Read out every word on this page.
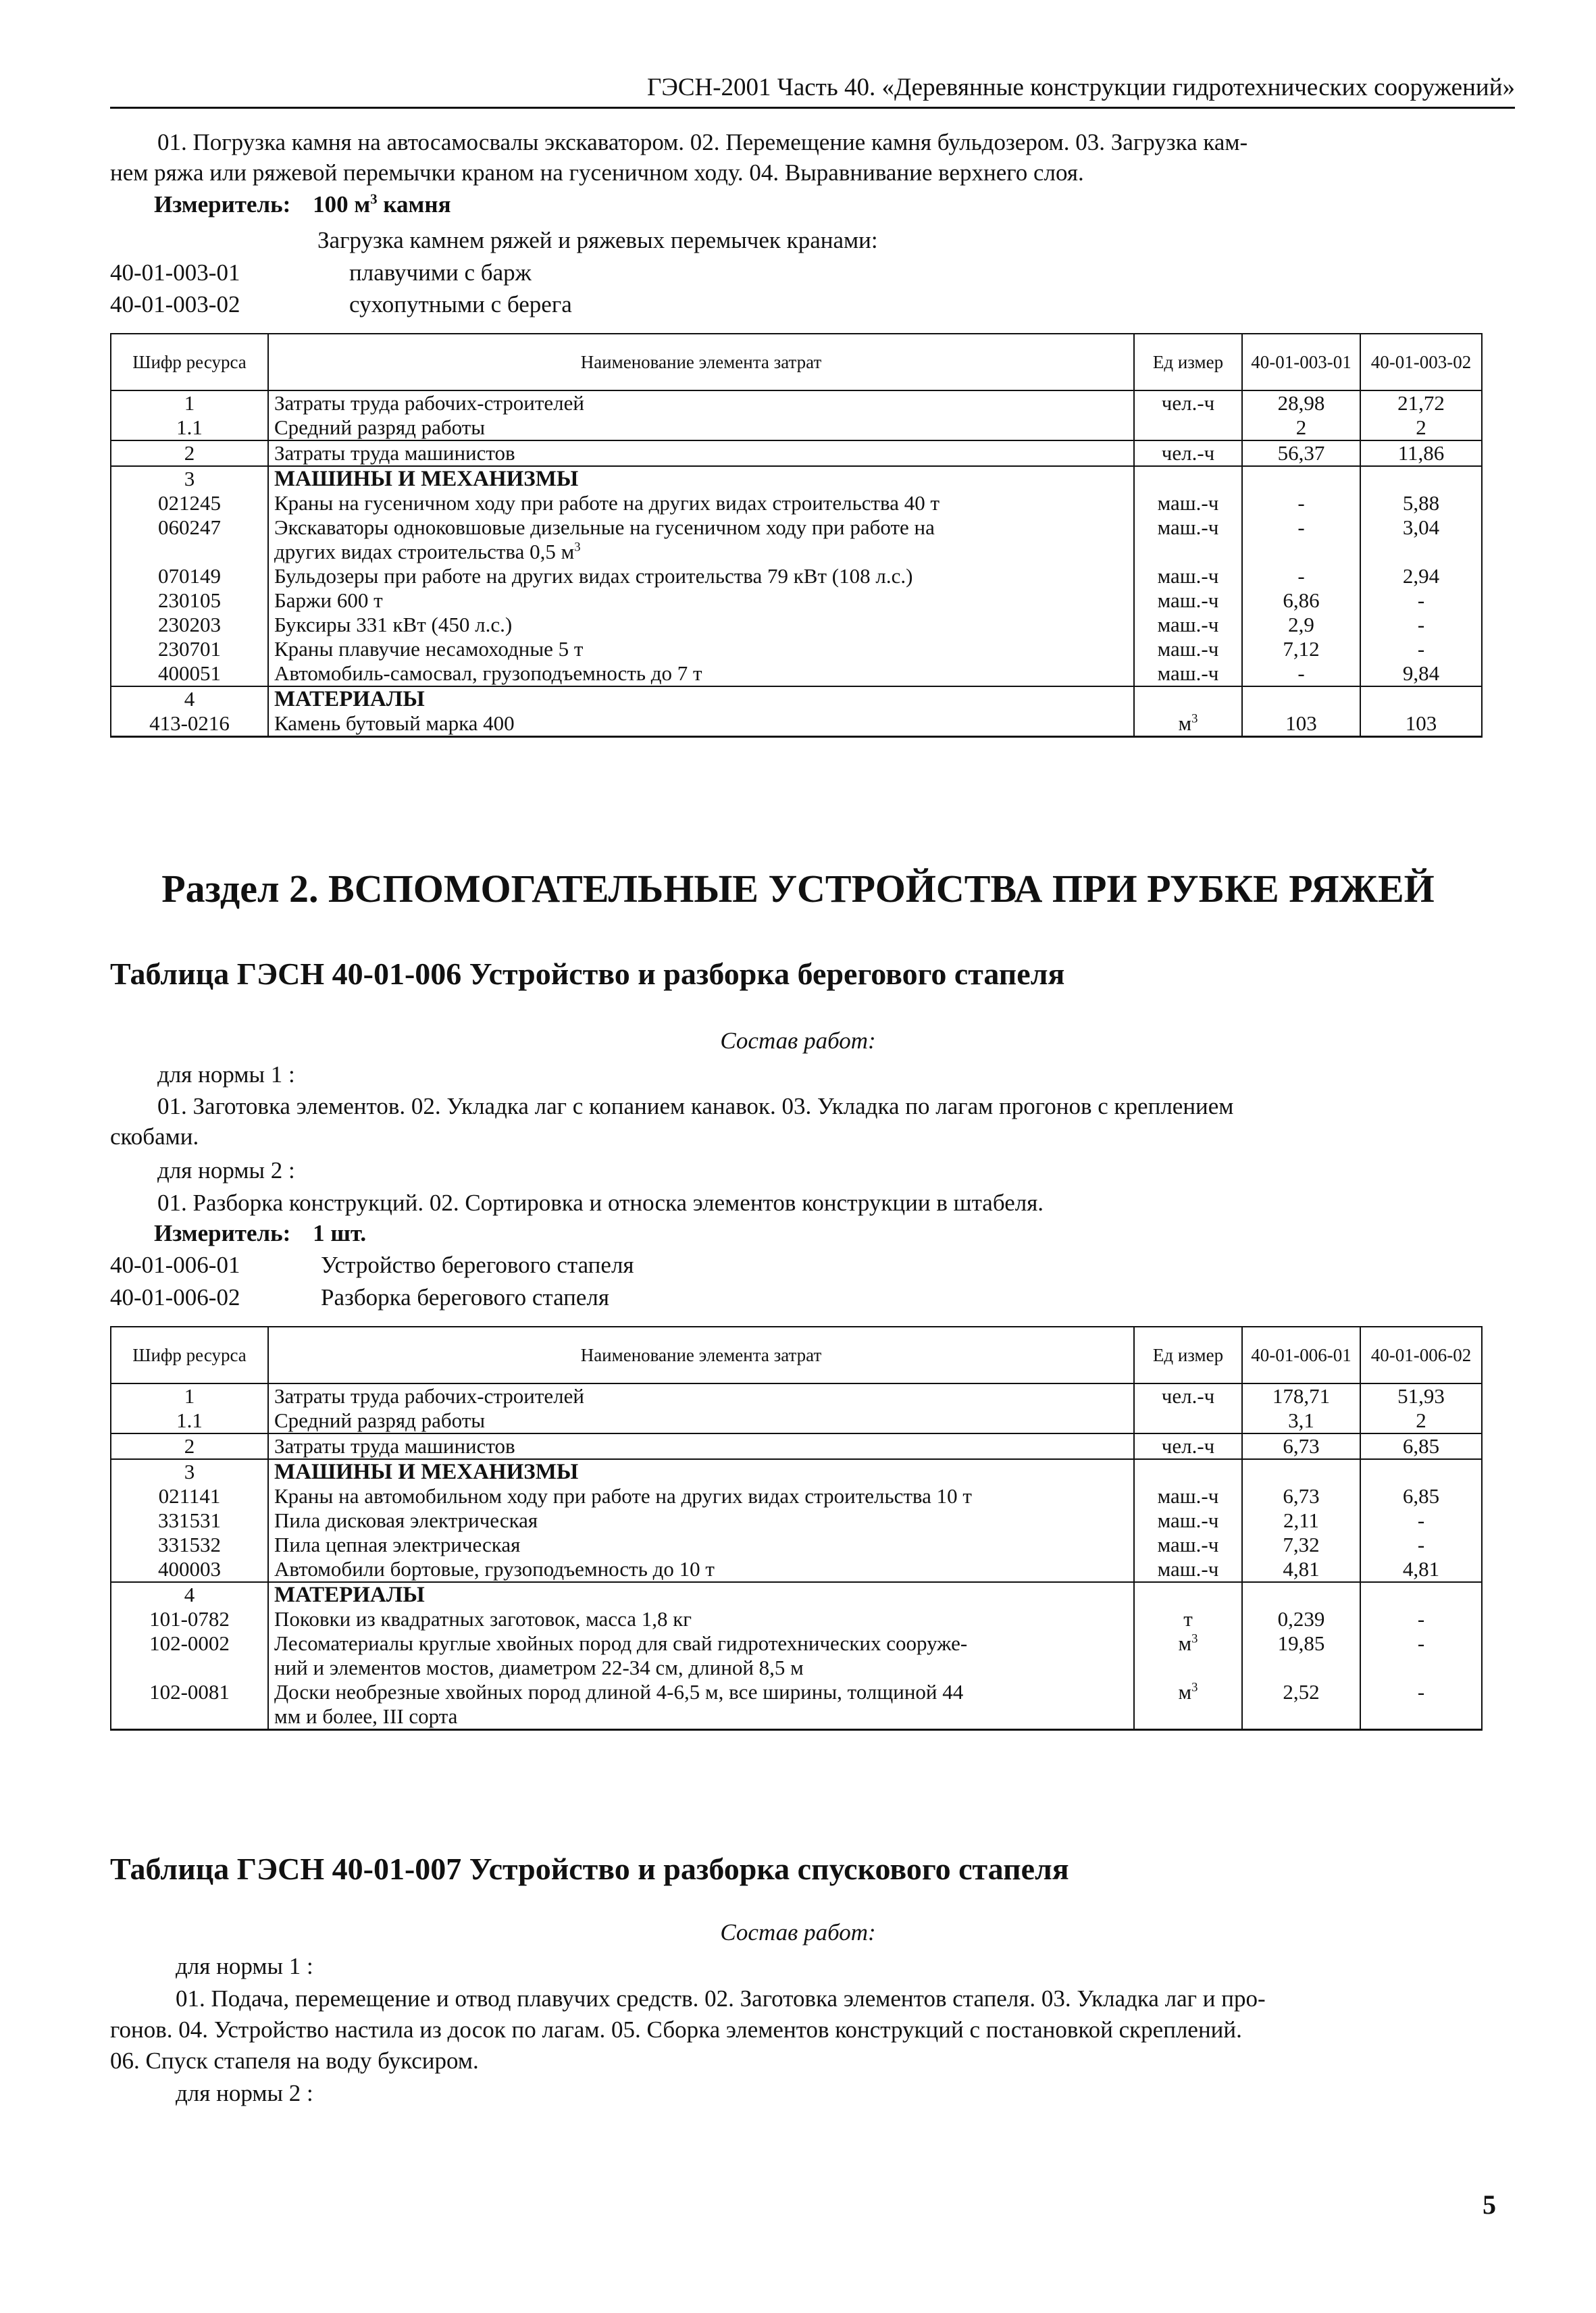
ГЭСН-2001 Часть 40. «Деревянные конструкции гидротехнических сооружений»
01. Погрузка камня на автосамосвалы экскаватором. 02. Перемещение камня бульдозером. 03. Загрузка кам-
нем ряжа или ряжевой перемычки краном на гусеничном ходу. 04. Выравнивание верхнего слоя.
Измеритель: 100 $м^3$ камня
Загрузка камнем ряжей и ряжевых перемычек кранами:
40-01-003-01	плавучими с барж
40-01-003-02	сухопутными с берега
Шифр ресурса	Наименование элемента затрат	Ед измер	40-01-003-01	40-01-003-02
1	Затраты труда рабочих-строителей	чел.-ч	28,98	21,72
1.1	Средний разряд работы		2	2
2	Затраты труда машинистов	чел.-ч	56,37	11,86
3	МАШИНЫ И МЕХАНИЗМЫ			
021245	Краны на гусеничном ходу при работе на других видах строительства 40 т	маш.-ч	-	5,88
060247	Экскаваторы одноковшовые дизельные на гусеничном ходу при работе на
других видах строительства 0,5 $м^3$	маш.-ч	-	3,04
070149	Бульдозеры при работе на других видах строительства 79 кВт (108 л.с.)	маш.-ч	-	2,94
230105	Баржи 600 т	маш.-ч	6,86	-
230203	Буксиры 331 кВт (450 л.с.)	маш.-ч	2,9	-
230701	Краны плавучие несамоходные 5 т	маш.-ч	7,12	-
400051	Автомобиль-самосвал, грузоподъемность до 7 т	маш.-ч	-	9,84
4	МАТЕРИАЛЫ			
413-0216	Камень бутовый марка 400	$м^3$	103	103
Раздел 2. ВСПОМОГАТЕЛЬНЫЕ УСТРОЙСТВА ПРИ РУБКЕ РЯЖЕЙ
Таблица ГЭСН 40-01-006 Устройство и разборка берегового стапеля
Состав работ:
для нормы 1 :
01. Заготовка элементов. 02. Укладка лаг с копанием канавок. 03. Укладка по лагам прогонов с креплением
скобами.
для нормы 2 :
01. Разборка конструкций. 02. Сортировка и относка элементов конструкции в штабеля.
Измеритель: 1 шт.
40-01-006-01	Устройство берегового стапеля
40-01-006-02	Разборка берегового стапеля
Шифр ресурса	Наименование элемента затрат	Ед измер	40-01-006-01	40-01-006-02
1	Затраты труда рабочих-строителей	чел.-ч	178,71	51,93
1.1	Средний разряд работы		3,1	2
2	Затраты труда машинистов	чел.-ч	6,73	6,85
3	МАШИНЫ И МЕХАНИЗМЫ			
021141	Краны на автомобильном ходу при работе на других видах строительства 10 т	маш.-ч	6,73	6,85
331531	Пила дисковая электрическая	маш.-ч	2,11	-
331532	Пила цепная электрическая	маш.-ч	7,32	-
400003	Автомобили бортовые, грузоподъемность до 10 т	маш.-ч	4,81	4,81
4	МАТЕРИАЛЫ			
101-0782	Поковки из квадратных заготовок, масса 1,8 кг	т	0,239	-
102-0002	Лесоматериалы круглые хвойных пород для свай гидротехнических сооруже-
ний и элементов мостов, диаметром 22-34 см, длиной 8,5 м	$м^3$	19,85	-
102-0081	Доски необрезные хвойных пород длиной 4-6,5 м, все ширины, толщиной 44
мм и более, III сорта	$м^3$	2,52	-
Таблица ГЭСН 40-01-007 Устройство и разборка спускового стапеля
Состав работ:
для нормы 1 :
01. Подача, перемещение и отвод плавучих средств. 02. Заготовка элементов стапеля. 03. Укладка лаг и про-
гонов. 04. Устройство настила из досок по лагам. 05. Сборка элементов конструкций с постановкой скреплений.
06. Спуск стапеля на воду буксиром.
для нормы 2 :
5
